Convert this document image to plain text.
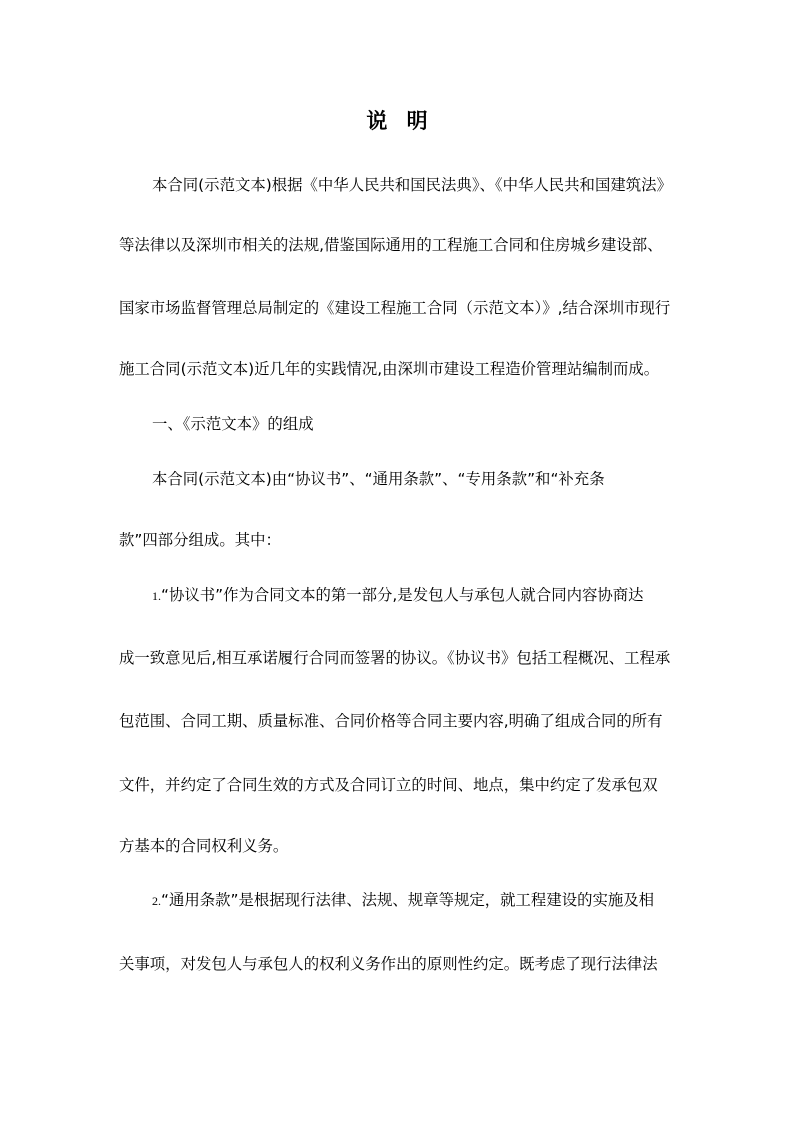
说 明
本合同(示范文本)根据《中华人民共和国民法典》、《中华人民共和国建筑法》
等法律以及深圳市相关的法规,借鉴国际通用的工程施工合同和住房城乡建设部、
国家市场监督管理总局制定的《建设工程施工合同（示范文本）》,结合深圳市现行
施工合同(示范文本)近几年的实践情况,由深圳市建设工程造价管理站编制而成。
一、《示范文本》的组成
本合同(示范文本)由“协议书”、“通用条款”、“专用条款”和“补充条
款”四部分组成。其中：
1.“协议书”作为合同文本的第一部分,是发包人与承包人就合同内容协商达
成一致意见后,相互承诺履行合同而签署的协议。《协议书》包括工程概况、工程承
包范围、合同工期、质量标准、合同价格等合同主要内容,明确了组成合同的所有
文件，并约定了合同生效的方式及合同订立的时间、地点，集中约定了发承包双
方基本的合同权利义务。
2.“通用条款”是根据现行法律、法规、规章等规定，就工程建设的实施及相
关事项，对发包人与承包人的权利义务作出的原则性约定。既考虑了现行法律法
